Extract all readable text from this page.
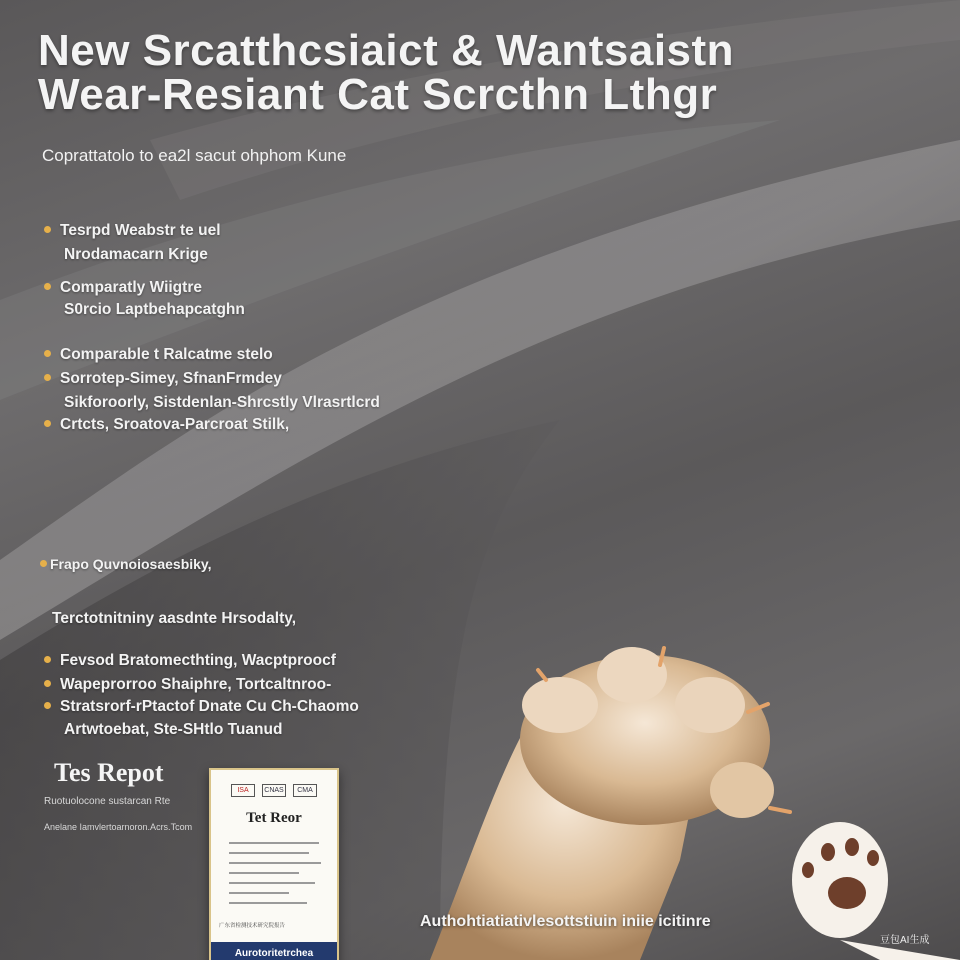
New Srcatthcsiaict & Wantsaistn
Wear-Resiant Cat Scrcthn Lthgr
Coprattatolo to ea2l sacut ohphom Kune
Tesrpd Weabstr te uel
Nrodamacarn Krige
Comparatly Wiigtre
S0rcio Laptbehapcatghn
Comparable t Ralcatme stelo
Sorrotep-Simey, SfnanFrmdey
Sikforoorly, Sistdenlan-Shrcstly Vlrasrtlcrd
Crtcts, Sroatova-Parcroat Stilk,
Frapo Quvnoiosaesbiky,
Terctotnitniny aasdnte Hrsodalty,
Fevsod Bratomecthting, Wacptproocf
Wapeprorroo Shaiphre, Tortcaltnroo-
Stratsrorf-rPtactof Dnate Cu Ch-Chaomo
Artwtoebat, Ste-SHtlo Tuanud
Tes Repot
Ruotuolocone sustarcan Rte
Anelane Iamvlertoarnoron.Acrs.Tcom
ISA	CNAS	CMA
Tet Reor
广东省检测技术研究院报告
Aurotoritetrchea
Authohtiatiativlesottstiuin iniie icitinre
豆包AI生成
